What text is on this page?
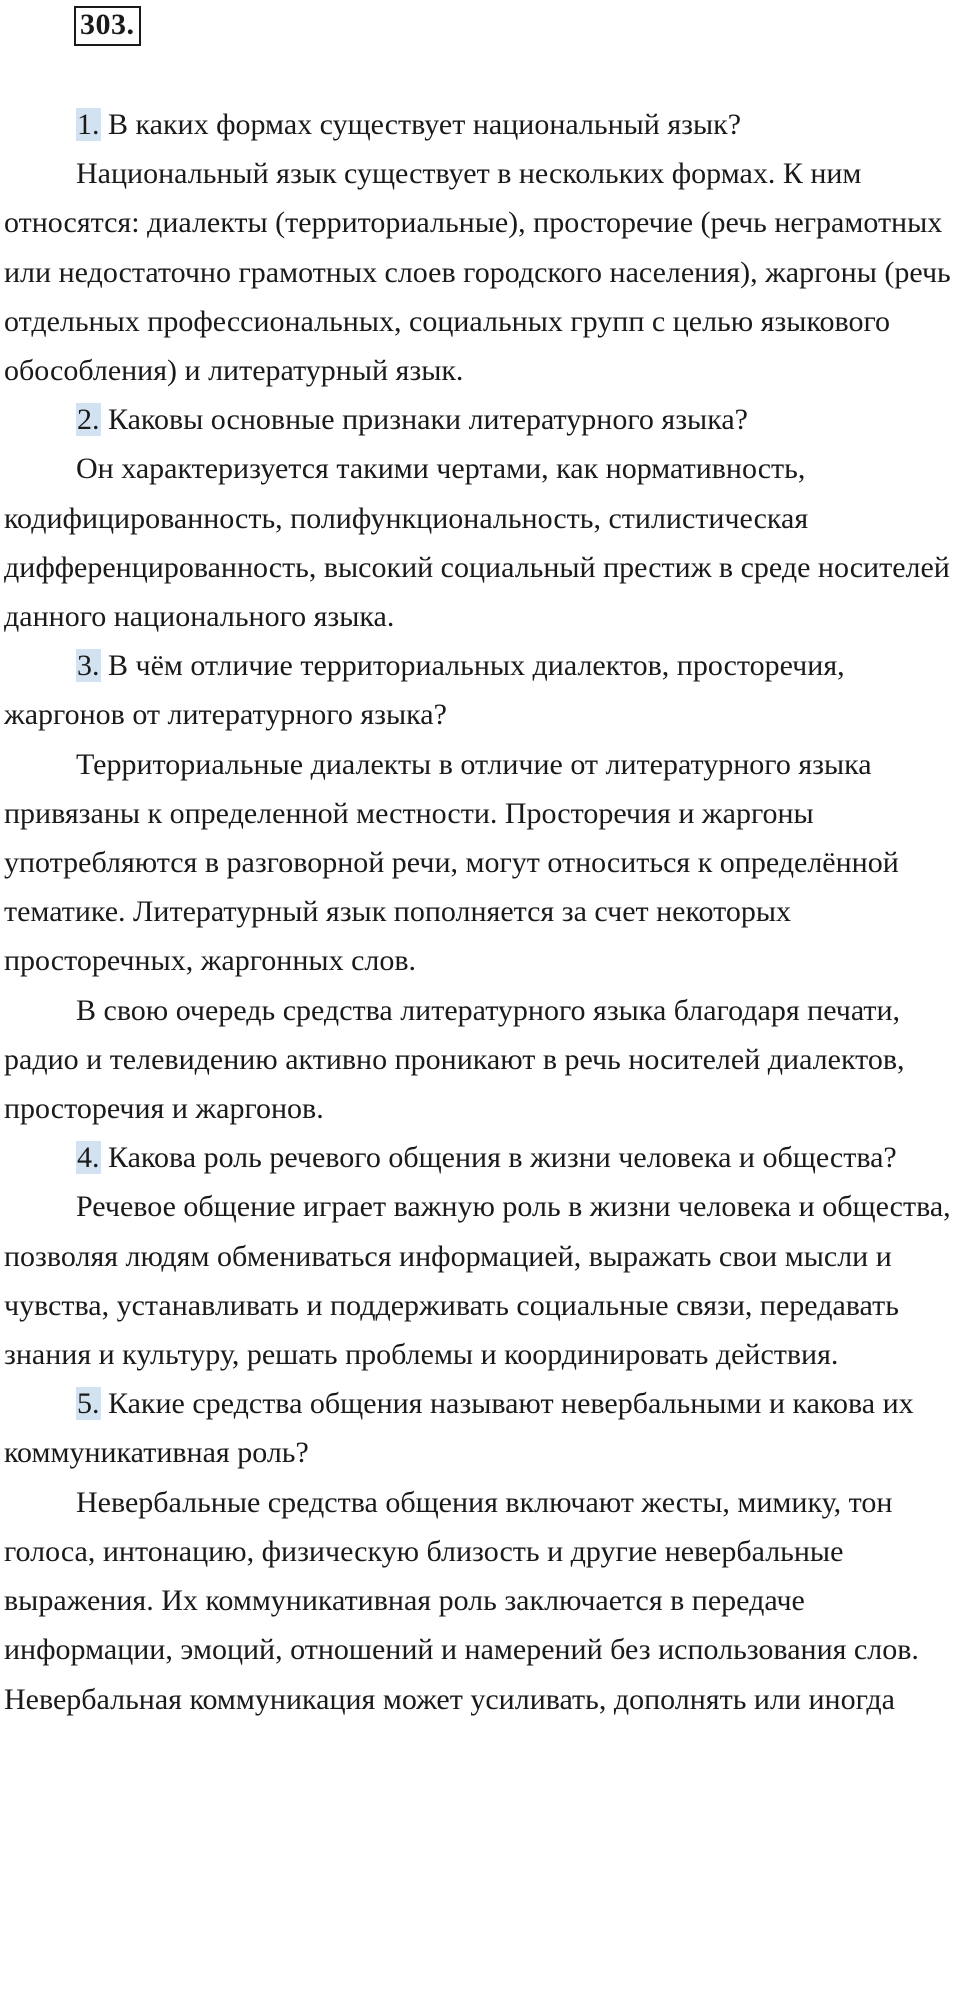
303.

1. В каких формах существует национальный язык?

Национальный язык существует в нескольких формах. К ним относятся: диалекты (территориальные), просторечие (речь неграмотных или недостаточно грамотных слоев городского населения), жаргоны (речь отдельных профессиональных, социальных групп с целью языкового обособления) и литературный язык.

2. Каковы основные признаки литературного языка?

Он характеризуется такими чертами, как нормативность, кодифицированность, полифункциональность, стилистическая дифференцированность, высокий социальный престиж в среде носителей данного национального языка.

3. В чём отличие территориальных диалектов, просторечия, жаргонов от литературного языка?

Территориальные диалекты в отличие от литературного языка привязаны к определенной местности. Просторечия и жаргоны употребляются в разговорной речи, могут относиться к определённой тематике. Литературный язык пополняется за счет некоторых просторечных, жаргонных слов.

В свою очередь средства литературного языка благодаря печати, радио и телевидению активно проникают в речь носителей диалектов, просторечия и жаргонов.

4. Какова роль речевого общения в жизни человека и общества?

Речевое общение играет важную роль в жизни человека и общества, позволяя людям обмениваться информацией, выражать свои мысли и чувства, устанавливать и поддерживать социальные связи, передавать знания и культуру, решать проблемы и координировать действия.

5. Какие средства общения называют невербальными и какова их коммуникативная роль?

Невербальные средства общения включают жесты, мимику, тон голоса, интонацию, физическую близость и другие невербальные выражения. Их коммуникативная роль заключается в передаче информации, эмоций, отношений и намерений без использования слов. Невербальная коммуникация может усиливать, дополнять или иногда
